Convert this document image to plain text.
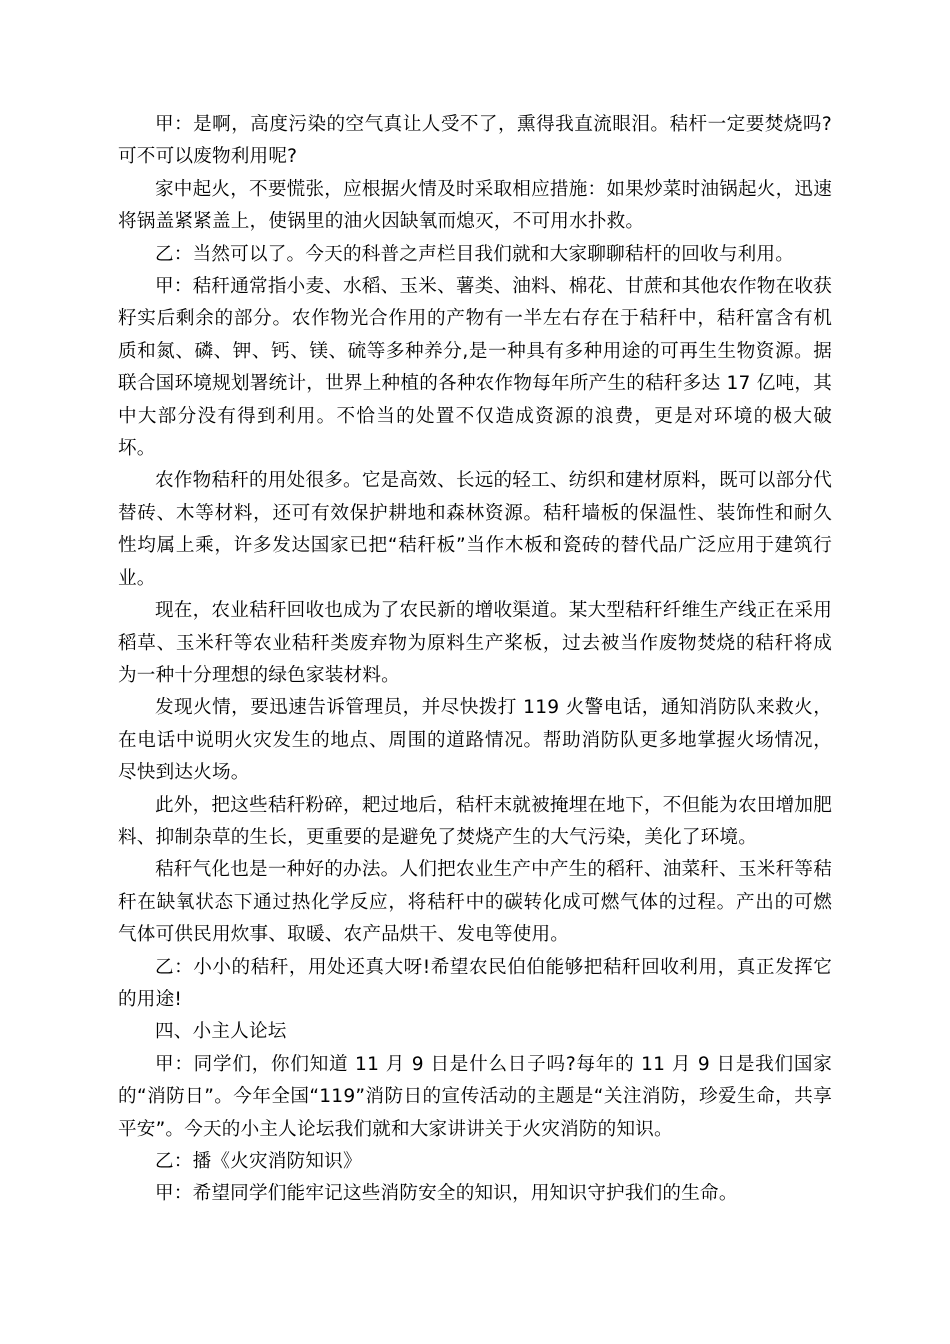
甲：是啊，高度污染的空气真让人受不了，熏得我直流眼泪。秸杆一定要焚烧吗?可不可以废物利用呢?

家中起火，不要慌张，应根据火情及时采取相应措施：如果炒菜时油锅起火，迅速将锅盖紧紧盖上，使锅里的油火因缺氧而熄灭，不可用水扑救。

乙：当然可以了。今天的科普之声栏目我们就和大家聊聊秸杆的回收与利用。

甲：秸秆通常指小麦、水稻、玉米、薯类、油料、棉花、甘蔗和其他农作物在收获籽实后剩余的部分。农作物光合作用的产物有一半左右存在于秸秆中，秸秆富含有机质和氮、磷、钾、钙、镁、硫等多种养分,是一种具有多种用途的可再生生物资源。据联合国环境规划署统计，世界上种植的各种农作物每年所产生的秸秆多达 17 亿吨，其中大部分没有得到利用。不恰当的处置不仅造成资源的浪费，更是对环境的极大破坏。

农作物秸秆的用处很多。它是高效、长远的轻工、纺织和建材原料，既可以部分代替砖、木等材料，还可有效保护耕地和森林资源。秸秆墙板的保温性、装饰性和耐久性均属上乘，许多发达国家已把“秸秆板”当作木板和瓷砖的替代品广泛应用于建筑行业。

现在，农业秸秆回收也成为了农民新的增收渠道。某大型秸秆纤维生产线正在采用稻草、玉米秆等农业秸秆类废弃物为原料生产桨板，过去被当作废物焚烧的秸秆将成为一种十分理想的绿色家装材料。

发现火情，要迅速告诉管理员，并尽快拨打 119 火警电话，通知消防队来救火，在电话中说明火灾发生的地点、周围的道路情况。帮助消防队更多地掌握火场情况，尽快到达火场。

此外，把这些秸秆粉碎，耙过地后，秸杆末就被掩埋在地下，不但能为农田增加肥料、抑制杂草的生长，更重要的是避免了焚烧产生的大气污染，美化了环境。

秸秆气化也是一种好的办法。人们把农业生产中产生的稻秆、油菜秆、玉米秆等秸秆在缺氧状态下通过热化学反应，将秸秆中的碳转化成可燃气体的过程。产出的可燃气体可供民用炊事、取暖、农产品烘干、发电等使用。

乙：小小的秸秆，用处还真大呀!希望农民伯伯能够把秸秆回收利用，真正发挥它的用途!

四、小主人论坛

甲：同学们，你们知道 11 月 9 日是什么日子吗?每年的 11 月 9 日是我们国家的“消防日”。今年全国“119”消防日的宣传活动的主题是“关注消防，珍爱生命，共享平安”。今天的小主人论坛我们就和大家讲讲关于火灾消防的知识。

乙：播《火灾消防知识》

甲：希望同学们能牢记这些消防安全的知识，用知识守护我们的生命。
